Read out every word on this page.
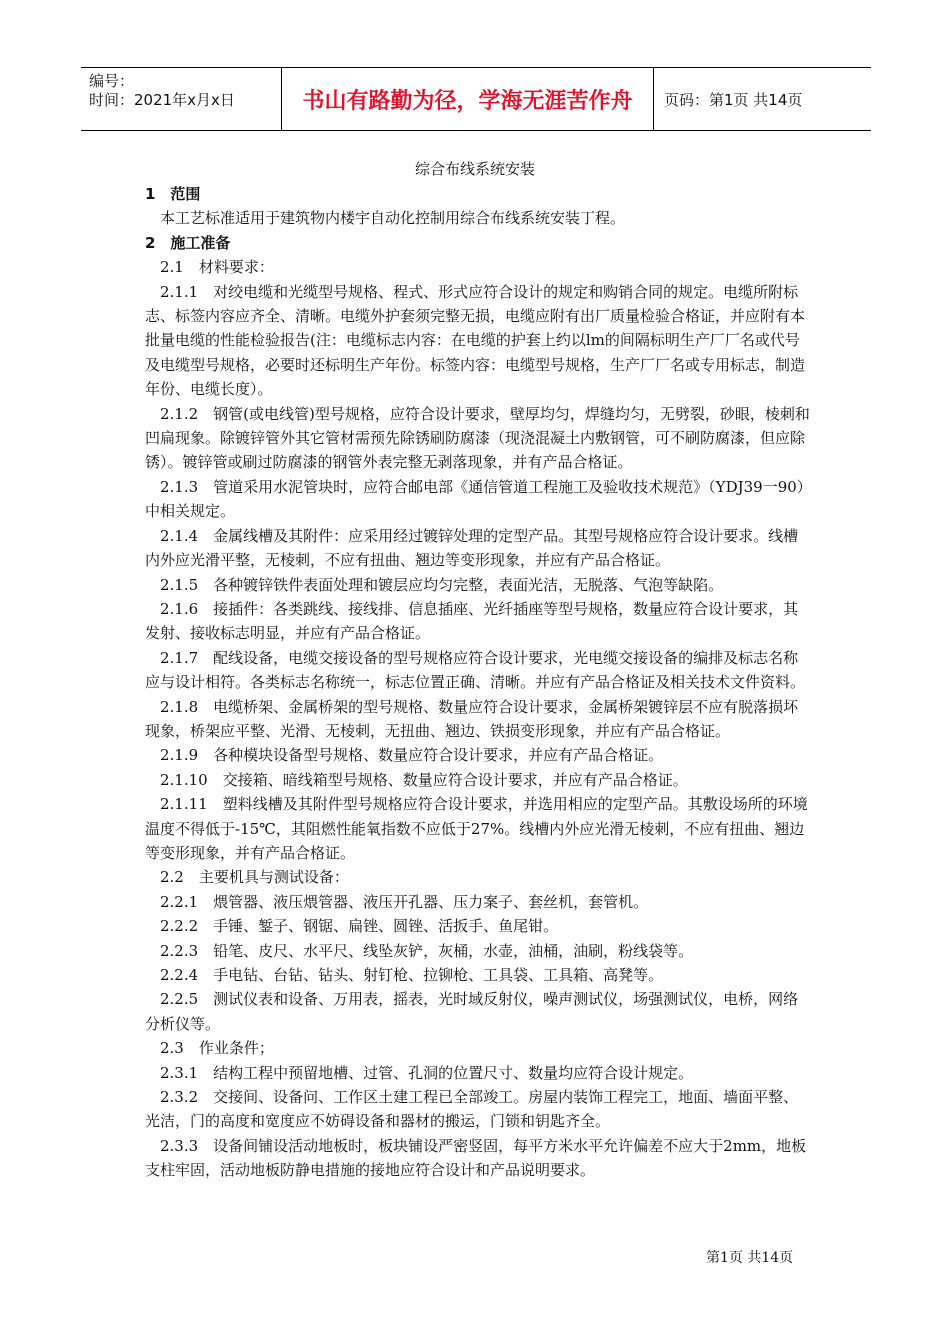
编号：
时间：2021年x月x日	书山有路勤为径，学海无涯苦作舟	页码：第1页 共14页
综合布线系统安装

1　范围

　本工艺标准适用于建筑物内楼宇自动化控制用综合布线系统安装丁程。

2　施工准备

　2.1　材料要求：

　2.1.1　对绞电缆和光缆型号规格、程式、形式应符合设计的规定和购销合同的规定。电缆所附标志、标签内容应齐全、清晰。电缆外护套须完整无损，电缆应附有出厂质量检验合格证，并应附有本批量电缆的性能检验报告(注：电缆标志内容：在电缆的护套上约以lm的间隔标明生产厂厂名或代号及电缆型号规格，必要时还标明生产年份。标签内容：电缆型号规格，生产厂厂名或专用标志，制造年份、电缆长度）。

　2.1.2　钢管(或电线管)型号规格，应符合设计要求，壁厚均匀，焊缝均匀，无劈裂，砂眼，棱刺和凹扁现象。除镀锌管外其它管材需预先除锈刷防腐漆（现浇混凝土内敷钢管，可不刷防腐漆，但应除锈）。镀锌管或刷过防腐漆的钢管外表完整无剥落现象，并有产品合格证。

　2.1.3　管道采用水泥管块时，应符合邮电部《通信管道工程施工及验收技术规范》（YDJ39一90）中相关规定。

　2.1.4　金属线槽及其附件：应采用经过镀锌处理的定型产品。其型号规格应符合设计要求。线槽内外应光滑平整，无棱刺，不应有扭曲、翘边等变形现象，并应有产品合格证。

　2.1.5　各种镀锌铁件表面处理和镀层应均匀完整，表面光洁，无脱落、气泡等缺陷。

　2.1.6　接插件：各类跳线、接线排、信息插座、光纤插座等型号规格，数量应符合设计要求，其发射、接收标志明显，并应有产品合格证。

　2.1.7　配线设备，电缆交接设备的型号规格应符合设计要求，光电缆交接设备的编排及标志名称应与设计相符。各类标志名称统一，标志位置正确、清晰。并应有产品合格证及相关技术文件资料。

　2.1.8　电缆桥架、金属桥架的型号规格、数量应符合设计要求，金属桥架镀锌层不应有脱落损坏现象，桥架应平整、光滑、无棱刺，无扭曲、翘边、铁损变形现象，并应有产品合格证。

　2.1.9　各种模块设备型号规格、数量应符合设计要求，并应有产品合格证。

　2.1.10　交接箱、暗线箱型号规格、数量应符合设计要求，并应有产品合格证。

　2.1.11　塑料线槽及其附件型号规格应符合设计要求，并选用相应的定型产品。其敷设场所的环境温度不得低于-15℃，其阻燃性能氧指数不应低于27%。线槽内外应光滑无棱刺，不应有扭曲、翘边等变形现象，并有产品合格证。

　2.2　主要机具与测试设备：

　2.2.1　煨管器、液压煨管器、液压开孔器、压力案子、套丝机，套管机。

　2.2.2　手锤、錾子、钢锯、扁锉、圆锉、活扳手、鱼尾钳。

　2.2.3　铅笔、皮尺、水平尺、线坠灰铲，灰桶，水壶，油桶，油刷，粉线袋等。

　2.2.4　手电钻、台钻、钻头、射钉枪、拉铆枪、工具袋、工具箱、高凳等。

　2.2.5　测试仪表和设备、万用表，摇表，光时域反射仪，噪声测试仪，场强测试仪，电桥，网络分析仪等。

　2.3　作业条件；

　2.3.1　结构工程中预留地槽、过管、孔洞的位置尺寸、数量均应符合设计规定。

　2.3.2　交接间、设备问、工作区土建工程已全部竣工。房屋内装饰工程完工，地面、墙面平整、光洁，门的高度和宽度应不妨碍设备和器材的搬运，门锁和钥匙齐全。

　2.3.3　设备间铺设活动地板时，板块铺设严密竖固，每平方米水平允许偏差不应大于2mm，地板支柱牢固，活动地板防静电措施的接地应符合设计和产品说明要求。

第1页 共14页
